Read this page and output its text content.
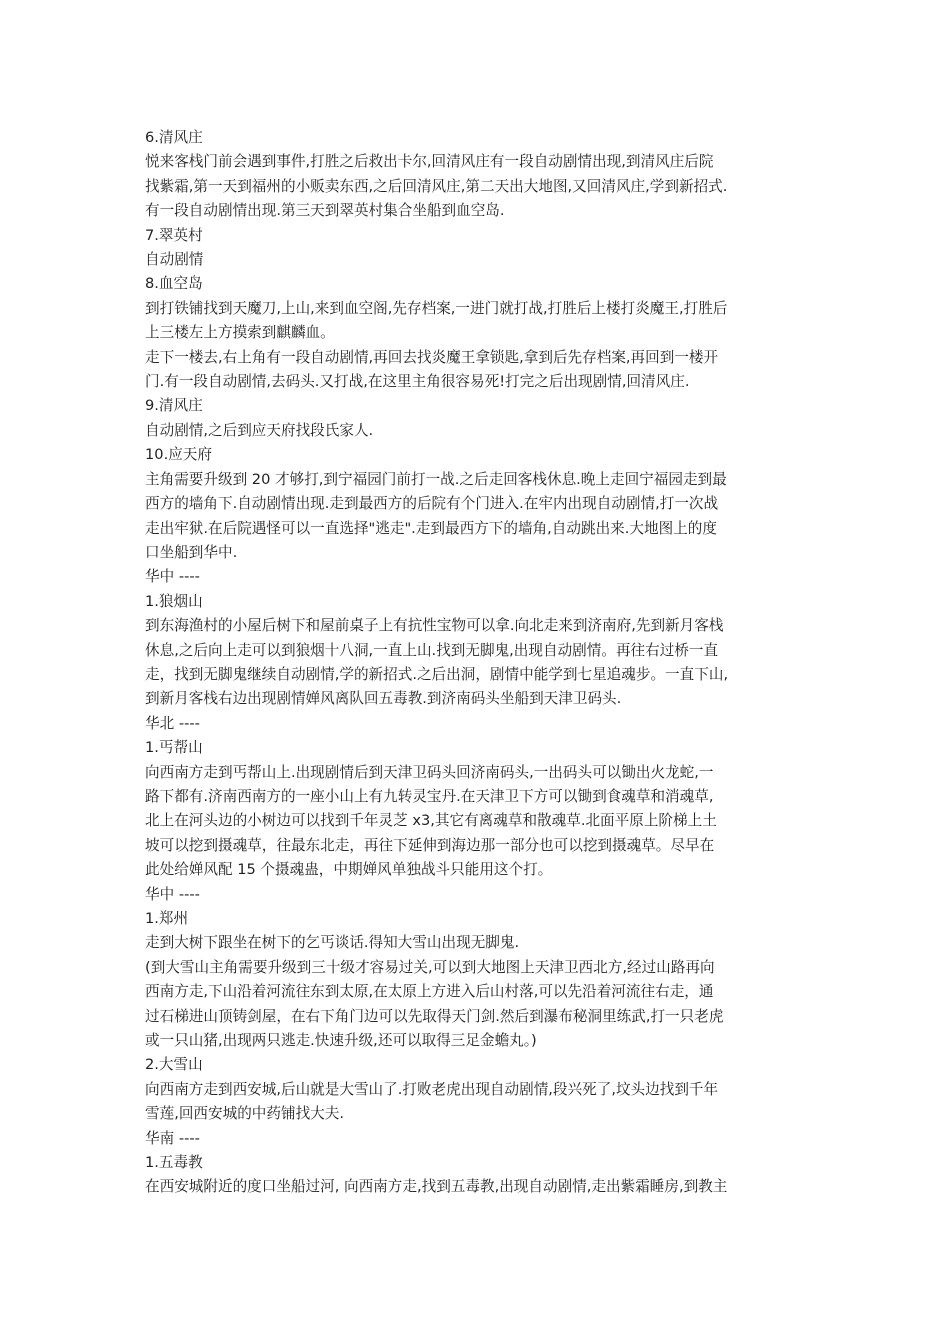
6.清风庄

悦来客栈门前会遇到事件,打胜之后救出卡尔,回清风庄有一段自动剧情出现,到清风庄后院

找紫霜,第一天到福州的小贩卖东西,之后回清风庄,第二天出大地图,又回清风庄,学到新招式.

有一段自动剧情出现.第三天到翠英村集合坐船到血空岛.

7.翠英村

自动剧情

8.血空岛

到打铁铺找到天魔刀,上山,来到血空阁,先存档案,一进门就打战,打胜后上楼打炎魔王,打胜后

上三楼左上方摸索到麒麟血。

走下一楼去,右上角有一段自动剧情,再回去找炎魔王拿锁匙,拿到后先存档案,再回到一楼开

门.有一段自动剧情,去码头.又打战,在这里主角很容易死!打完之后出现剧情,回清风庄.

9.清风庄

自动剧情,之后到应天府找段氏家人.

10.应天府

主角需要升级到 20 才够打,到宁福园门前打一战.之后走回客栈休息.晚上走回宁福园走到最

西方的墙角下.自动剧情出现.走到最西方的后院有个门进入.在牢内出现自动剧情,打一次战

走出牢狱.在后院遇怪可以一直选择"逃走".走到最西方下的墙角,自动跳出来.大地图上的度

口坐船到华中.

华中 ----

1.狼烟山

到东海渔村的小屋后树下和屋前桌子上有抗性宝物可以拿.向北走来到济南府,先到新月客栈

休息,之后向上走可以到狼烟十八洞,一直上山.找到无脚鬼,出现自动剧情。再往右过桥一直

走，找到无脚鬼继续自动剧情,学的新招式.之后出洞，剧情中能学到七星追魂步。一直下山,

到新月客栈右边出现剧情婵风离队回五毒教.到济南码头坐船到天津卫码头.

华北 ----

1.丐帮山

向西南方走到丐帮山上.出现剧情后到天津卫码头回济南码头,一出码头可以锄出火龙蛇,一

路下都有.济南西南方的一座小山上有九转灵宝丹.在天津卫下方可以锄到食魂草和消魂草,

北上在河头边的小树边可以找到千年灵芝 x3,其它有离魂草和散魂草.北面平原上阶梯上土

坡可以挖到摄魂草，往最东北走，再往下延伸到海边那一部分也可以挖到摄魂草。尽早在

此处给婵风配 15 个摄魂蛊，中期婵风单独战斗只能用这个打。

华中 ----

1.郑州

走到大树下跟坐在树下的乞丐谈话.得知大雪山出现无脚鬼.

(到大雪山主角需要升级到三十级才容易过关,可以到大地图上天津卫西北方,经过山路再向

西南方走,下山沿着河流往东到太原,在太原上方进入后山村落,可以先沿着河流往右走，通

过石梯进山顶铸剑屋，在右下角门边可以先取得天门剑.然后到瀑布秘洞里练武,打一只老虎

或一只山猪,出现两只逃走.快速升级,还可以取得三足金蟾丸。)

2.大雪山

向西南方走到西安城,后山就是大雪山了.打败老虎出现自动剧情,段兴死了,坟头边找到千年

雪莲,回西安城的中药铺找大夫.

华南 ----

1.五毒教

在西安城附近的度口坐船过河, 向西南方走,找到五毒教,出现自动剧情,走出紫霜睡房,到教主
